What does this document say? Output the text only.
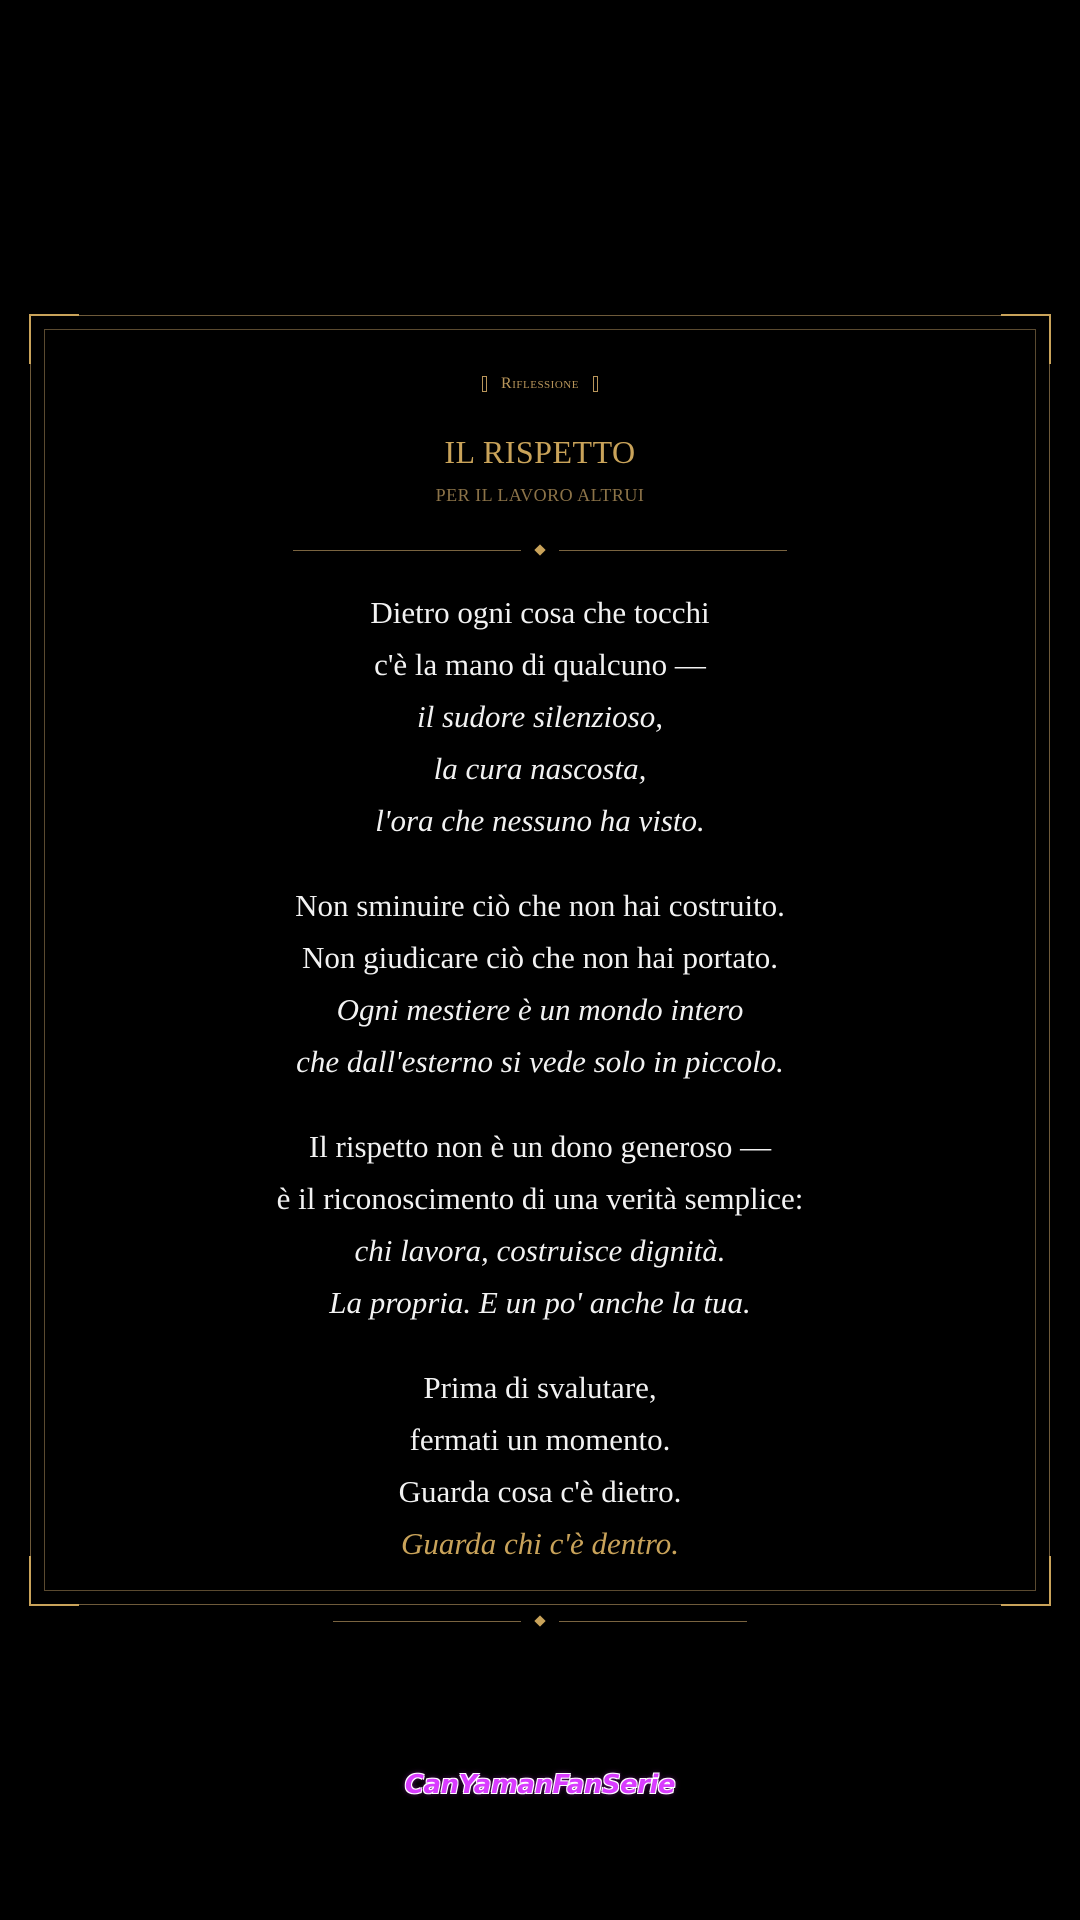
Riflessione
IL RISPETTO
PER IL LAVORO ALTRUI
Dietro ogni cosa che tocchi
c'è la mano di qualcuno —
il sudore silenzioso,
la cura nascosta,
l'ora che nessuno ha visto.
Non sminuire ciò che non hai costruito.
Non giudicare ciò che non hai portato.
Ogni mestiere è un mondo intero
che dall'esterno si vede solo in piccolo.
Il rispetto non è un dono generoso —
è il riconoscimento di una verità semplice:
chi lavora, costruisce dignità.
La propria. E un po' anche la tua.
Prima di svalutare,
fermati un momento.
Guarda cosa c'è dietro.
Guarda chi c'è dentro.
CanYamanFanSerie
